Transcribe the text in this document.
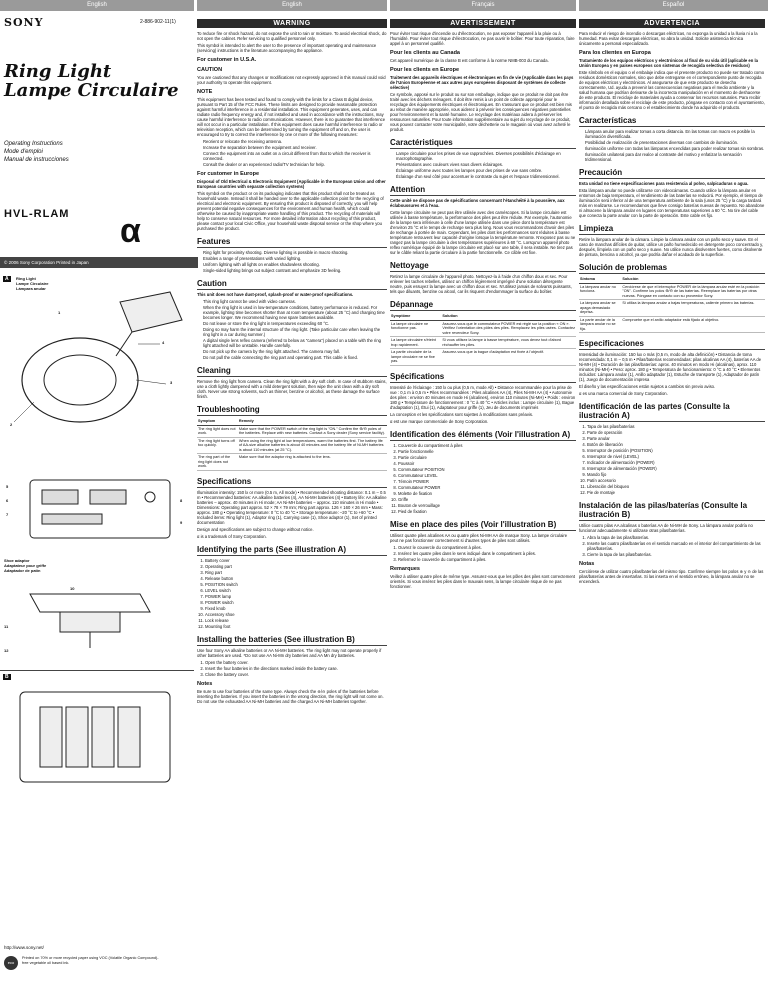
English	English	Français	Español
SONY	2-886-902-11(1)
Ring Light
Lampe Circulaire
Operating Instructions
Mode d'emploi
Manual de instrucciones
HVL-RLAM α
© 2006 Sony Corporation Printed in Japan
A	Ring Light
Lampe Circulaire
Lámpara anular
1
2
3
4
5
6
7
8
9
Shoe adaptor
Adaptateur pour griffe
Adaptador de patín
10
11
12
B
http://www.sony.net/
eco
Printed on 70% or more recycled paper using VOC (Volatile Organic Compound)-free vegetable oil based ink.
WARNING

To reduce fire or shock hazard, do not expose the unit to rain or moisture. To avoid electrical shock, do not open the cabinet. Refer servicing to qualified personnel only.

This symbol is intended to alert the user to the presence of important operating and maintenance (servicing) instructions in the literature accompanying the appliance.

For customer in U.S.A.
CAUTION

You are cautioned that any changes or modifications not expressly approved in this manual could void your authority to operate this equipment.

NOTE

This equipment has been tested and found to comply with the limits for a Class B digital device, pursuant to Part 15 of the FCC Rules. These limits are designed to provide reasonable protection against harmful interference in a residential installation. This equipment generates, uses, and can radiate radio frequency energy and, if not installed and used in accordance with the instructions, may cause harmful interference to radio communications. However, there is no guarantee that interference will not occur in a particular installation. If this equipment does cause harmful interference to radio or television reception, which can be determined by turning the equipment off and on, the user is encouraged to try to correct the interference by one or more of the following measures:

• Reorient or relocate the receiving antenna.
• Increase the separation between the equipment and receiver.
• Connect the equipment into an outlet on a circuit different from that to which the receiver is connected.
• Consult the dealer or an experienced radio/TV technician for help.
For customer in Europe

Disposal of Old Electrical & Electronic Equipment (Applicable in the European Union and other European countries with separate collection systems)

This symbol on the product or on its packaging indicates that this product shall not be treated as household waste. Instead it shall be handed over to the applicable collection point for the recycling of electrical and electronic equipment. By ensuring this product is disposed of correctly, you will help prevent potential negative consequences for the environment and human health, which could otherwise be caused by inappropriate waste handling of this product. The recycling of materials will help to conserve natural resources. For more detailed information about recycling of this product, please contact your local Civic Office, your household waste disposal service or the shop where you purchased the product.

Features
• Ring light for proximity shooting. Diverse lighting is possible in macro shooting.
• Enables a range of presentations with varied lighting.
• Uniform lighting with all lights on enables shadowless shooting.
• Single-sided lighting brings out subject contrast and emphasize 3D feeling.
Caution

This unit does not have dust-proof, splash-proof or water-proof specifications.

• This ring light cannot be used with video cameras.
• When the ring light is used in low-temperature conditions, battery performance is reduced. For example, lighting time becomes shorter than at room temperature (about 25 °C) and charging time becomes longer. We recommend having new spare batteries available.
• Do not leave or store the ring light in temperatures exceeding 60 °C.
• Doing so may harm the internal structure of the ring light. (Take particular care when leaving the ring light in a car during summer.)
• A digital single lens reflex camera (referred to below as "camera") placed on a table with the ring light attached will be unstable. Handle carefully.
• Do not pick up the camera by the ring light attached. The camera may fall.
• Do not pull the cable connecting the ring part and operating part. This cable is fixed.
Cleaning

Remove the ring light from camera. Clean the ring light with a dry soft cloth. In case of stubborn stains, use a cloth lightly dampened with a mild detergent solution, then wipe the unit clean with a dry soft cloth. Never use strong solvents, such as thinner, benzine or alcohol, as these damage the surface finish.

Troubleshooting
Symptom	Remedy
The ring light does not work.	Make sure that the POWER switch of the ring light is "ON." Confirm the ⊕/⊖ poles of the batteries. Replace with new batteries. Contact a Sony dealer (Sony service facility).
The ring light turns off too quickly.	When using the ring light at low temperatures, warm the batteries first. The battery life of AA-size alkaline batteries is about 40 minutes and the battery life of Ni-MH batteries is about 110 minutes (at 25 °C).
The ring part of the ring light does not work.	Make sure that the adaptor ring is attached to the lens.
Specifications

Illumination intensity: 150 lx or more (0.5 m, All mode) • Recommended shooting distance: 0.1 m – 0.5 m • Recommended batteries: AA alkaline batteries (4), AA Ni-MH batteries (4) • Battery life: AA alkaline batteries – approx. 40 minutes in Hi mode; AA Ni-MH batteries – approx. 110 minutes in Hi mode • Dimensions: Operating part approx. 52 × 78 × 79 mm; Ring part approx. 126 × 160 × 26 mm • Mass: approx. 180 g • Operating temperature: 0 °C to 40 °C • Storage temperature: –20 °C to +60 °C • Included items: Ring light (1), Adaptor ring (1), Carrying case (1), Shoe adaptor (1), Set of printed documentation

Design and specifications are subject to change without notice.

α is a trademark of Sony Corporation.

Identifying the parts (See illustration A)
1. Battery cover
2. Operating part
3. Ring part
4. Release button
5. POSITION switch
6. LEVEL switch
7. POWER lamp
8. POWER switch
9. Fixed knob
10. Accessory shoe
11. Lock release
12. Mounting foot
Installing the batteries (See illustration B)

Use four Sony AA alkaline batteries or AA Ni-MH batteries. The ring light may not operate properly if other batteries are used. *Do not use AA Ni-Mn dry batteries and AA Mn dry batteries.

1. Open the battery cover.
2. Insert the four batteries in the directions marked inside the battery case.
3. Close the battery cover.
Notes

Be sure to use four batteries of the same type. Always check the ⊕/⊖ poles of the batteries before inserting the batteries. If you insert the batteries in the wrong direction, the ring light will not come on. Do not use the exhausted AA Ni-MH batteries and the charged AA Ni-MH batteries together.

AVERTISSEMENT

Pour éviter tout risque d'incendie ou d'électrocution, ne pas exposer l'appareil à la pluie ou à l'humidité. Pour éviter tout risque d'électrocution, ne pas ouvrir le boîtier. Pour toute réparation, faire appel à un personnel qualifié.

Pour les clients au Canada

Cet appareil numérique de la classe B est conforme à la norme NMB-003 du Canada.

Pour les clients en Europe

Traitement des appareils électriques et électroniques en fin de vie (Applicable dans les pays de l'Union Européenne et aux autres pays européens disposant de systèmes de collecte sélective)

Ce symbole, apposé sur le produit ou sur son emballage, indique que ce produit ne doit pas être traité avec les déchets ménagers. Il doit être remis à un point de collecte approprié pour le recyclage des équipements électriques et électroniques. En s'assurant que ce produit est bien mis au rebut de manière appropriée, vous aiderez à prévenir les conséquences négatives potentielles pour l'environnement et la santé humaine. Le recyclage des matériaux aidera à préserver les ressources naturelles. Pour toute information supplémentaire au sujet du recyclage de ce produit, vous pouvez contacter votre municipalité, votre déchetterie ou le magasin où vous avez acheté le produit.

Caractéristiques
• Lampe circulaire pour les prises de vue rapprochées. Diverses possibilités d'éclairage en macrophotographie.
• Présentations avec couleurs vives sous divers éclairages.
• Éclairage uniforme avec toutes les lampes pour des prises de vue sans ombre.
• Éclairage d'un seul côté pour accentuer le contraste du sujet et l'espace tridimensionnel.
Attention

Cette unité ne dispose pas de spécifications concernant l'étanchéité à la poussière, aux éclaboussures et à l'eau.

Cette lampe circulaire ne peut pas être utilisée avec des caméscopes. Si la lampe circulaire est utilisée à basse température, la performance des piles peut être réduite. Par exemple, l'autonomie de la lampe sera inférieure à celle d'une lampe utilisée dans une pièce dont la température est d'environ 25 °C et le temps de recharge sera plus long. Nous vous recommandons d'avoir des piles de rechange à portée de main. Cependant, les piles dont les performances sont réduites à basse température retrouvent leur capacité d'origine lorsque la température remonte. N'exposez pas ou ne rangez pas la lampe circulaire à des températures supérieures à 60 °C. Lorsqu'un appareil photo reflex numérique équipé de la lampe circulaire est placé sur une table, il sera instable. Ne tirez pas sur le câble reliant la partie circulaire à la partie fonctionnelle. Ce câble est fixe.

Nettoyage

Retirez la lampe circulaire de l'appareil photo. Nettoyez-la à l'aide d'un chiffon doux et sec. Pour enlever les taches rebelles, utilisez un chiffon légèrement imprégné d'une solution détergente neutre, puis essuyez la lampe avec un chiffon doux et sec. N'utilisez jamais de solvants puissants, tels que diluants, benzine ou alcool, car ils risquent d'endommager la surface du boîtier.

Dépannage
Symptôme	Solution
La lampe circulaire ne fonctionne pas.	Assurez-vous que le commutateur POWER est réglé sur la position « ON ». Vérifiez l'orientation des pôles des piles. Remplacez les piles usées. Contactez votre revendeur Sony.
La lampe circulaire s'éteint trop rapidement.	Si vous utilisez la lampe à basse température, vous devez tout d'abord réchauffer les piles.
La partie circulaire de la lampe circulaire ne se fixe pas.	Assurez-vous que la bague d'adaptation est fixée à l'objectif.
Spécifications

Intensité de l'éclairage : 150 lx ou plus (0,5 m, mode All) • Distance recommandée pour la prise de vue : 0,1 m à 0,5 m • Piles recommandées : Piles alcalines AA (4), Piles Ni-MH AA (4) • Autonomie des piles : environ 40 minutes en mode Hi (alcalines), environ 110 minutes (Ni-MH) • Poids : environ 180 g • Température de fonctionnement : 0 °C à 40 °C • Articles inclus : Lampe circulaire (1), Bague d'adaptation (1), Étui (1), Adaptateur pour griffe (1), Jeu de documents imprimés

La conception et les spécifications sont sujettes à modifications sans préavis.

α est une marque commerciale de Sony Corporation.

Identification des éléments (Voir l'illustration A)
1. Couvercle du compartiment à piles
2. Partie fonctionnelle
3. Partie circulaire
4. Poussoir
5. Commutateur POSITION
6. Commutateur LEVEL
7. Témoin POWER
8. Commutateur POWER
9. Molette de fixation
10. Griffe
11. Bouton de verrouillage
12. Pied de fixation
Mise en place des piles (Voir l'illustration B)

Utilisez quatre piles alcalines AA ou quatre piles Ni-MH AA de marque Sony. La lampe circulaire peut ne pas fonctionner correctement si d'autres types de piles sont utilisés.

1. Ouvrez le couvercle du compartiment à piles.
2. Insérez les quatre piles dans le sens indiqué dans le compartiment à piles.
3. Refermez le couvercle du compartiment à piles.
Remarques

Veillez à utiliser quatre piles de même type. Assurez-vous que les pôles des piles sont correctement orientés. Si vous insérez les piles dans le mauvais sens, la lampe circulaire risque de ne pas fonctionner.

ADVERTENCIA

Para reducir el riesgo de incendio o descargas eléctricas, no exponga la unidad a la lluvia ni a la humedad. Para evitar descargas eléctricas, no abra la unidad. Solicite asistencia técnica únicamente a personal especializado.

Para los clientes en Europa

Tratamiento de los equipos eléctricos y electrónicos al final de su vida útil (aplicable en la Unión Europea y en países europeos con sistemas de recogida selectiva de residuos)

Este símbolo en el equipo o el embalaje indica que el presente producto no puede ser tratado como residuos domésticos normales, sino que debe entregarse en el correspondiente punto de recogida de equipos eléctricos y electrónicos. Al asegurarse de que este producto se desecha correctamente, Ud. ayuda a prevenir las consecuencias negativas para el medio ambiente y la salud humana que podrían derivarse de la incorrecta manipulación en el momento de deshacerse de este producto. El reciclaje de materiales ayuda a conservar los recursos naturales. Para recibir información detallada sobre el reciclaje de este producto, póngase en contacto con el ayuntamiento, el punto de recogida más cercano o el establecimiento donde ha adquirido el producto.

Características
• Lámpara anular para realizar tomas a corta distancia. En las tomas con macro es posible la iluminación diversificada.
• Posibilidad de realización de presentaciones diversas con cambios de iluminación.
• Iluminación uniforme con todas las lámparas encendidas para poder realizar tomas sin sombras.
• Iluminación unilateral para dar realce al contraste del motivo y enfatizar la sensación tridimensional.
Precaución

Esta unidad no tiene especificaciones para resistencia al polvo, salpicaduras o agua.

Esta lámpara anular no puede utilizarse con videocámaras. Cuando utilice la lámpara anular en entornos de baja temperatura, el rendimiento de las baterías se reducirá. Por ejemplo, el tiempo de iluminación será inferior al de una temperatura ambiente de la sala (unos 25 °C) y la carga tardará más en realizarse. Le recomendamos que lleve consigo baterías nuevas de repuesto. No abandone ni almacene la lámpara anular en lugares con temperaturas superiores a 60 °C. No tire del cable que conecta la parte anular con la parte de operación. Este cable es fijo.

Limpieza

Retire la lámpara anular de la cámara. Limpie la cámara anular con un paño seco y suave. En el caso de manchas difíciles de quitar, utilice un paño humedecido en detergente poco concentrado y, después, límpiela con un paño seco y suave. No utilice nunca disolventes fuertes, como disolvente de pintura, bencina o alcohol, ya que podría dañar el acabado de la superficie.

Solución de problemas
Síntoma	Solución
La lámpara anular no funciona.	Cerciórese de que el interruptor POWER de la lámpara anular esté en la posición "ON". Confirme los polos ⊕/⊖ de las baterías. Reemplace las baterías por otras nuevas. Póngase en contacto con su proveedor Sony.
La lámpara anular se apaga demasiado deprisa.	Si utiliza la lámpara anular a bajas temperaturas, caliente primero las baterías.
La parte anular de la lámpara anular no se fija.	Compruebe que el anillo adaptador está fijado al objetivo.
Especificaciones

Intensidad de iluminación: 150 lux o más (0,5 m, modo de alta definición) • Distancia de toma recomendada: 0,1 m – 0,5 m • Pilas/baterías recomendadas: pilas alcalinas AA (4), baterías AA de Ni-MH (4) • Duración de las pilas/baterías: aprox. 40 minutos en modo Hi (alcalinas), aprox. 110 minutos (Ni-MH) • Peso: aprox. 180 g • Temperatura de funcionamiento: 0 °C a 40 °C • Elementos incluidos: Lámpara anular (1), Anillo adaptador (1), Estuche de transporte (1), Adaptador de patín (1), Juego de documentación impresa

El diseño y las especificaciones están sujetos a cambios sin previo aviso.

α es una marca comercial de Sony Corporation.

Identificación de las partes (Consulte la ilustración A)
1. Tapa de las pilas/baterías
2. Parte de operación
3. Parte anular
4. Botón de liberación
5. Interruptor de posición (POSITION)
6. Interruptor de nivel (LEVEL)
7. Indicador de alimentación (POWER)
8. Interruptor de alimentación (POWER)
9. Mando fijo
10. Patín accesorio
11. Liberación del bloqueo
12. Pie de montaje
Instalación de las pilas/baterías (Consulte la ilustración B)

Utilice cuatro pilas AA alcalinas o baterías AA de Ni-MH de Sony. La lámpara anular podría no funcionar adecuadamente si utilizase otras pilas/baterías.

1. Abra la tapa de las pilas/baterías.
2. Inserte las cuatro pilas/baterías en el sentido marcado en el interior del compartimiento de las pilas/baterías.
3. Cierre la tapa de las pilas/baterías.
Notas

Cerciórese de utilizar cuatro pilas/baterías del mismo tipo. Confirme siempre los polos ⊕ y ⊖ de las pilas/baterías antes de insertarlas. Si las inserta en el sentido erróneo, la lámpara anular no se encenderá.
